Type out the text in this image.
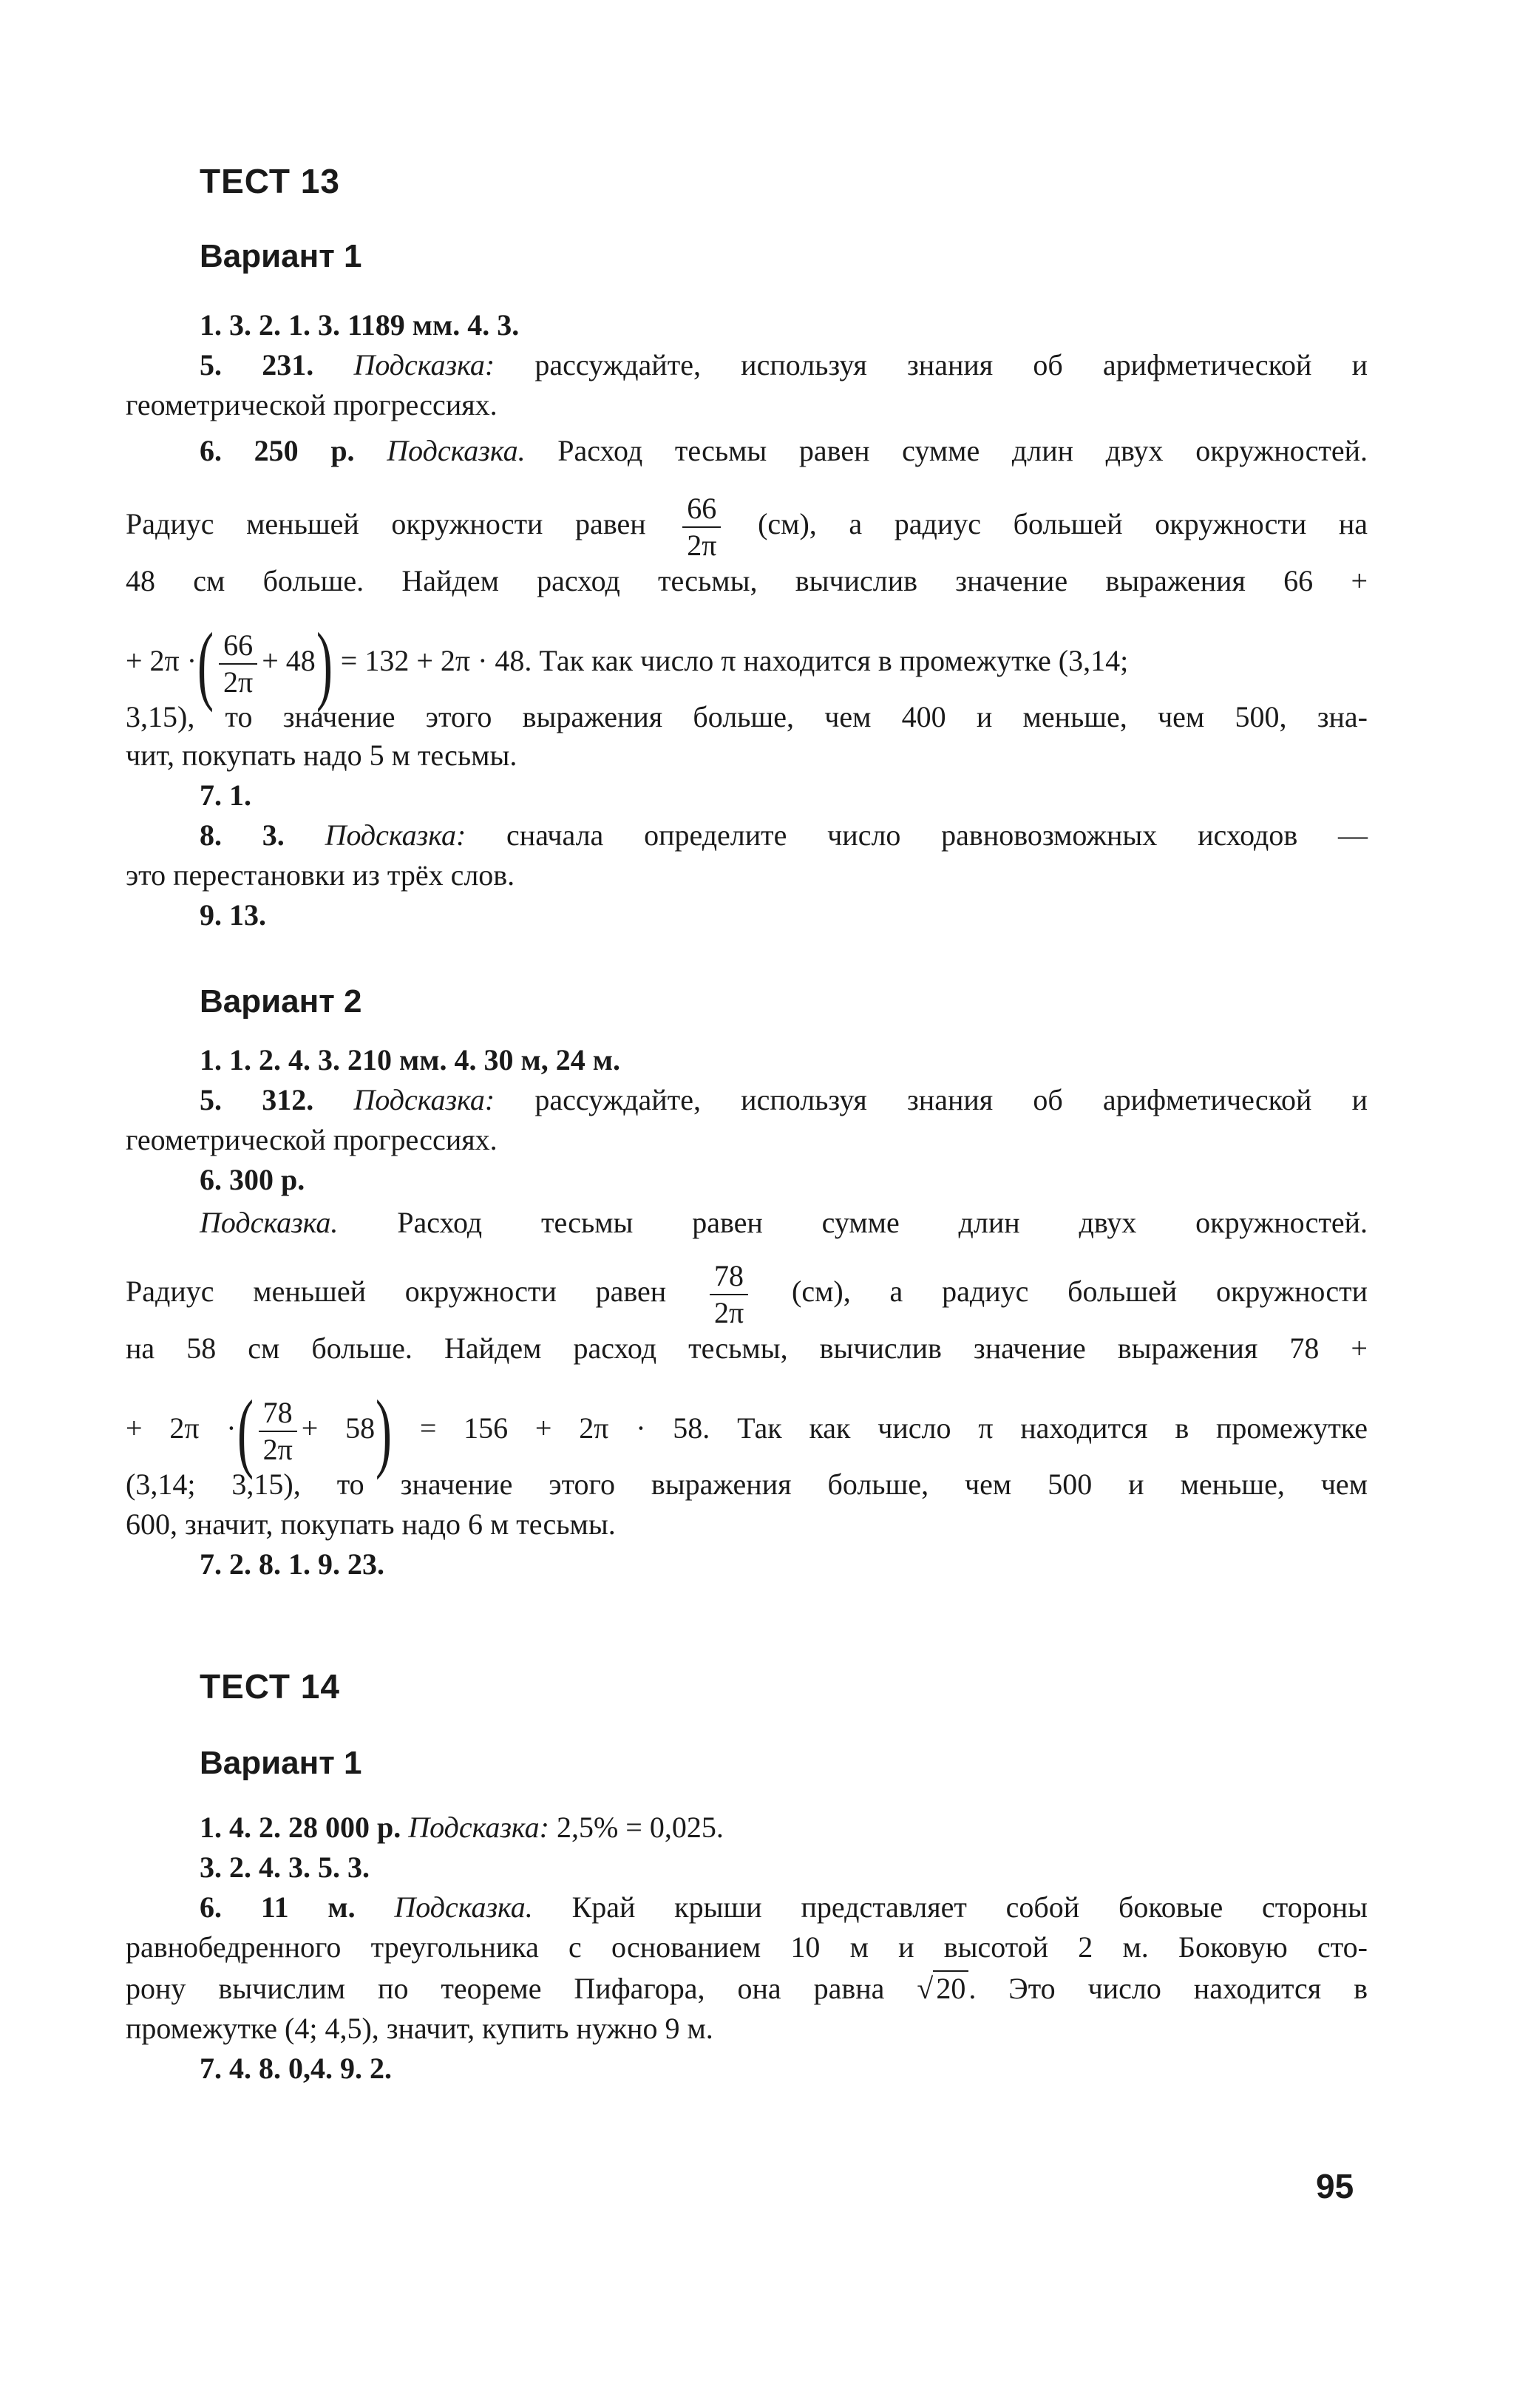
ТЕСТ 13
Вариант 1
1. 3. 2. 1. 3. 1189 мм. 4. 3.
5. 231. Подсказка: рассуждайте, используя знания об арифметической и
геометрической прогрессиях.
6. 250 р. Подсказка. Расход тесьмы равен сумме длин двух окружностей.
Радиус меньшей окружности равен $\frac{66}{2\pi} (см)$, а радиус большей окружности на
48 см больше. Найдем расход тесьмы, вычислив значение выражения 66 +
+ 2π ·( $\frac{66}{2\pi} + 48) = 132 + 2\pi \cdot 48$. Так как число π находится в промежутке (3,14;
3,15), то значение этого выражения больше, чем 400 и меньше, чем 500, зна-
чит, покупать надо 5 м тесьмы.
7. 1.
8. 3. Подсказка: сначала определите число равновозможных исходов —
это перестановки из трёх слов.
9. 13.
Вариант 2
1. 1. 2. 4. 3. 210 мм. 4. 30 м, 24 м.
5. 312. Подсказка: рассуждайте, используя знания об арифметической и
геометрической прогрессиях.
6. 300 р.
Подсказка. Расход тесьмы равен сумме длин двух окружностей.
Радиус меньшей окружности равен $\frac{78}{2\pi} (см)$, а радиус большей окружности
на 58 см больше. Найдем расход тесьмы, вычислив значение выражения 78 +
+ 2π ·( $\frac{78}{2\pi} + 58) = 156 + 2\pi \cdot 58$. Так как число π находится в промежутке
(3,14; 3,15), то значение этого выражения больше, чем 500 и меньше, чем
600, значит, покупать надо 6 м тесьмы.
7. 2. 8. 1. 9. 23.
ТЕСТ 14
Вариант 1
1. 4. 2. 28 000 р. Подсказка: 2,5% = 0,025.
3. 2. 4. 3. 5. 3.
6. 11 м. Подсказка. Край крыши представляет собой боковые стороны
равнобедренного треугольника с основанием 10 м и высотой 2 м. Боковую сто-
рону вычислим по теореме Пифагора, она равна √ 20 . Это число находится в
промежутке (4; 4,5), значит, купить нужно 9 м.
7. 4. 8. 0,4. 9. 2.
95
